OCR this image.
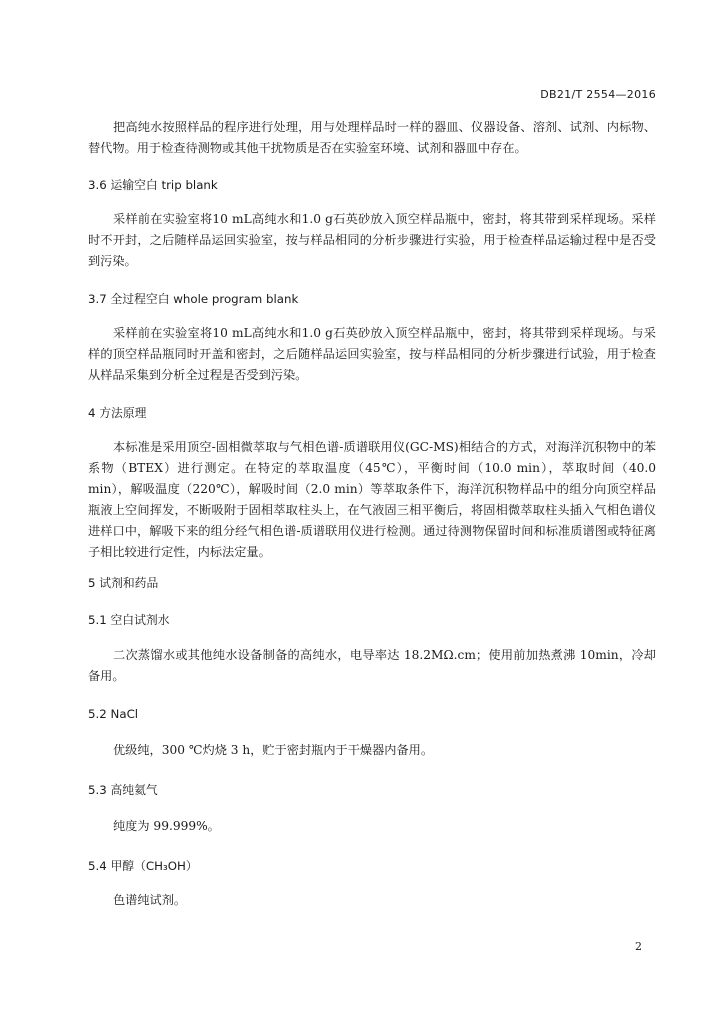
DB21/T 2554—2016

把高纯水按照样品的程序进行处理，用与处理样品时一样的器皿、仪器设备、溶剂、试剂、内标物、替代物。用于检查待测物或其他干扰物质是否在实验室环境、试剂和器皿中存在。

3.6 运输空白 trip blank

采样前在实验室将10 mL高纯水和1.0 g石英砂放入顶空样品瓶中，密封，将其带到采样现场。采样时不开封，之后随样品运回实验室，按与样品相同的分析步骤进行实验，用于检查样品运输过程中是否受到污染。

3.7 全过程空白 whole program blank

采样前在实验室将10 mL高纯水和1.0 g石英砂放入顶空样品瓶中，密封，将其带到采样现场。与采样的顶空样品瓶同时开盖和密封，之后随样品运回实验室，按与样品相同的分析步骤进行试验，用于检查从样品采集到分析全过程是否受到污染。

4 方法原理

本标准是采用顶空-固相微萃取与气相色谱-质谱联用仪(GC-MS)相结合的方式，对海洋沉积物中的苯系物（BTEX）进行测定。在特定的萃取温度（45℃），平衡时间（10.0 min），萃取时间（40.0 min），解吸温度（220℃），解吸时间（2.0 min）等萃取条件下，海洋沉积物样品中的组分向顶空样品瓶液上空间挥发，不断吸附于固相萃取柱头上，在气液固三相平衡后，将固相微萃取柱头插入气相色谱仪进样口中，解吸下来的组分经气相色谱-质谱联用仪进行检测。通过待测物保留时间和标准质谱图或特征离子相比较进行定性，内标法定量。

5 试剂和药品
5.1 空白试剂水

二次蒸馏水或其他纯水设备制备的高纯水，电导率达 18.2MΩ.cm；使用前加热煮沸 10min，冷却备用。

5.2 NaCl

优级纯，300 ℃灼烧 3 h，贮于密封瓶内于干燥器内备用。

5.3 高纯氦气

纯度为 99.999%。

5.4 甲醇（CH₃OH）

色谱纯试剂。

2
